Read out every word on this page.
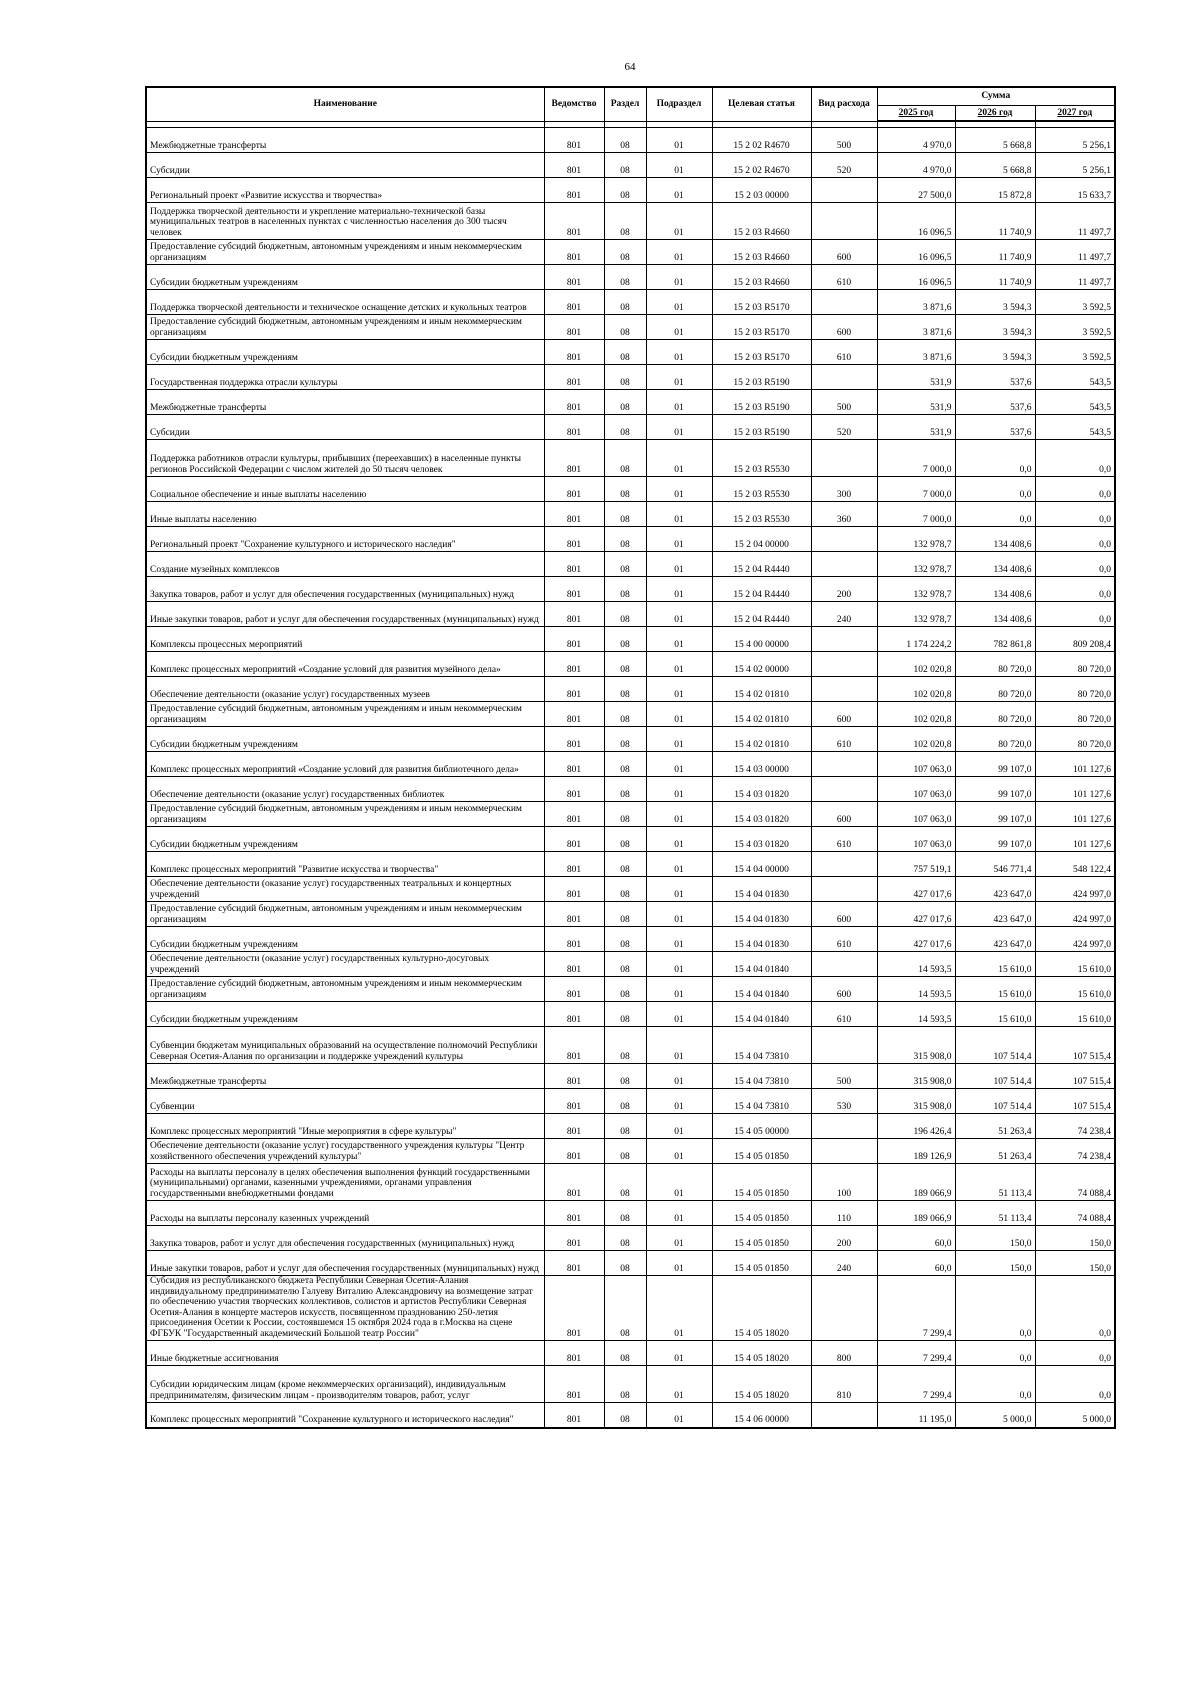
64
Наименование	Ведомство	Раздел	Подраздел	Целевая статья	Вид расхода	Сумма		
						2025 год	2026 год	2027 год

Межбюджетные трансферты	801	08	01	15 2 02 R4670	500	4 970,0	5 668,8	5 256,1
Субсидии	801	08	01	15 2 02 R4670	520	4 970,0	5 668,8	5 256,1
Региональный проект «Развитие искусства и творчества»	801	08	01	15 2 03 00000		27 500,0	15 872,8	15 633,7
Поддержка творческой деятельности и укрепление материально-технической базы муниципальных театров в населенных пунктах с численностью населения до 300 тысяч человек	801	08	01	15 2 03 R4660		16 096,5	11 740,9	11 497,7
Предоставление субсидий бюджетным, автономным учреждениям и иным некоммерческим организациям	801	08	01	15 2 03 R4660	600	16 096,5	11 740,9	11 497,7
Субсидии бюджетным учреждениям	801	08	01	15 2 03 R4660	610	16 096,5	11 740,9	11 497,7
Поддержка творческой деятельности и техническое оснащение детских и кукольных театров	801	08	01	15 2 03 R5170		3 871,6	3 594,3	3 592,5
Предоставление субсидий бюджетным, автономным учреждениям и иным некоммерческим организациям	801	08	01	15 2 03 R5170	600	3 871,6	3 594,3	3 592,5
Субсидии бюджетным учреждениям	801	08	01	15 2 03 R5170	610	3 871,6	3 594,3	3 592,5
Государственная поддержка отрасли культуры	801	08	01	15 2 03 R5190		531,9	537,6	543,5
Межбюджетные трансферты	801	08	01	15 2 03 R5190	500	531,9	537,6	543,5
Субсидии	801	08	01	15 2 03 R5190	520	531,9	537,6	543,5
Поддержка работников отрасли культуры, прибывших (переехавших) в населенные пункты регионов Российской Федерации с числом жителей до 50 тысяч человек	801	08	01	15 2 03 R5530		7 000,0	0,0	0,0
Социальное обеспечение и иные выплаты населению	801	08	01	15 2 03 R5530	300	7 000,0	0,0	0,0
Иные выплаты населению	801	08	01	15 2 03 R5530	360	7 000,0	0,0	0,0
Региональный проект "Сохранение культурного и исторического наследия"	801	08	01	15 2 04 00000		132 978,7	134 408,6	0,0
Создание музейных комплексов	801	08	01	15 2 04 R4440		132 978,7	134 408,6	0,0
Закупка товаров, работ и услуг для обеспечения государственных (муниципальных) нужд	801	08	01	15 2 04 R4440	200	132 978,7	134 408,6	0,0
Иные закупки товаров, работ и услуг для обеспечения государственных (муниципальных) нужд	801	08	01	15 2 04 R4440	240	132 978,7	134 408,6	0,0
Комплексы процессных мероприятий	801	08	01	15 4 00 00000		1 174 224,2	782 861,8	809 208,4
Комплекс процессных мероприятий «Создание условий для развития музейного дела»	801	08	01	15 4 02 00000		102 020,8	80 720,0	80 720,0
Обеспечение деятельности (оказание услуг) государственных музеев	801	08	01	15 4 02 01810		102 020,8	80 720,0	80 720,0
Предоставление субсидий бюджетным, автономным учреждениям и иным некоммерческим организациям	801	08	01	15 4 02 01810	600	102 020,8	80 720,0	80 720,0
Субсидии бюджетным учреждениям	801	08	01	15 4 02 01810	610	102 020,8	80 720,0	80 720,0
Комплекс процессных мероприятий «Создание условий для развития библиотечного дела»	801	08	01	15 4 03 00000		107 063,0	99 107,0	101 127,6
Обеспечение деятельности (оказание услуг) государственных библиотек	801	08	01	15 4 03 01820		107 063,0	99 107,0	101 127,6
Предоставление субсидий бюджетным, автономным учреждениям и иным некоммерческим организациям	801	08	01	15 4 03 01820	600	107 063,0	99 107,0	101 127,6
Субсидии бюджетным учреждениям	801	08	01	15 4 03 01820	610	107 063,0	99 107,0	101 127,6
Комплекс процессных мероприятий "Развитие искусства и творчества"	801	08	01	15 4 04 00000		757 519,1	546 771,4	548 122,4
Обеспечение деятельности (оказание услуг) государственных театральных и концертных учреждений	801	08	01	15 4 04 01830		427 017,6	423 647,0	424 997,0
Предоставление субсидий бюджетным, автономным учреждениям и иным некоммерческим организациям	801	08	01	15 4 04 01830	600	427 017,6	423 647,0	424 997,0
Субсидии бюджетным учреждениям	801	08	01	15 4 04 01830	610	427 017,6	423 647,0	424 997,0
Обеспечение деятельности (оказание услуг) государственных культурно-досуговых учреждений	801	08	01	15 4 04 01840		14 593,5	15 610,0	15 610,0
Предоставление субсидий бюджетным, автономным учреждениям и иным некоммерческим организациям	801	08	01	15 4 04 01840	600	14 593,5	15 610,0	15 610,0
Субсидии бюджетным учреждениям	801	08	01	15 4 04 01840	610	14 593,5	15 610,0	15 610,0
Субвенции бюджетам муниципальных образований на осуществление полномочий Республики Северная Осетия-Алания по организации и поддержке учреждений культуры	801	08	01	15 4 04 73810		315 908,0	107 514,4	107 515,4
Межбюджетные трансферты	801	08	01	15 4 04 73810	500	315 908,0	107 514,4	107 515,4
Субвенции	801	08	01	15 4 04 73810	530	315 908,0	107 514,4	107 515,4
Комплекс процессных мероприятий "Иные мероприятия в сфере культуры"	801	08	01	15 4 05 00000		196 426,4	51 263,4	74 238,4
Обеспечение деятельности (оказание услуг) государственного учреждения культуры "Центр хозяйственного обеспечения учреждений культуры"	801	08	01	15 4 05 01850		189 126,9	51 263,4	74 238,4
Расходы на выплаты персоналу в целях обеспечения выполнения функций государственными (муниципальными) органами, казенными учреждениями, органами управления государственными внебюджетными фондами	801	08	01	15 4 05 01850	100	189 066,9	51 113,4	74 088,4
Расходы на выплаты персоналу казенных учреждений	801	08	01	15 4 05 01850	110	189 066,9	51 113,4	74 088,4
Закупка товаров, работ и услуг для обеспечения государственных (муниципальных) нужд	801	08	01	15 4 05 01850	200	60,0	150,0	150,0
Иные закупки товаров, работ и услуг для обеспечения государственных (муниципальных) нужд	801	08	01	15 4 05 01850	240	60,0	150,0	150,0
Субсидия из республиканского бюджета Республики Северная Осетия-Алания индивидуальному предпринимателю Галуеву Виталию Александровичу на возмещение затрат по обеспечению участия творческих коллективов, солистов и артистов Республики Северная Осетия-Алания в концерте мастеров искусств, посвященном празднованию 250-летия присоединения Осетии к России, состоявшемся 15 октября 2024 года в г.Москва на сцене ФГБУК "Государственный академический Большой театр России"	801	08	01	15 4 05 18020		7 299,4	0,0	0,0
Иные бюджетные ассигнования	801	08	01	15 4 05 18020	800	7 299,4	0,0	0,0
Субсидии юридическим лицам (кроме некоммерческих организаций), индивидуальным предпринимателям, физическим лицам - производителям товаров, работ, услуг	801	08	01	15 4 05 18020	810	7 299,4	0,0	0,0
Комплекс процессных мероприятий "Сохранение культурного и исторического наследия"	801	08	01	15 4 06 00000		11 195,0	5 000,0	5 000,0
